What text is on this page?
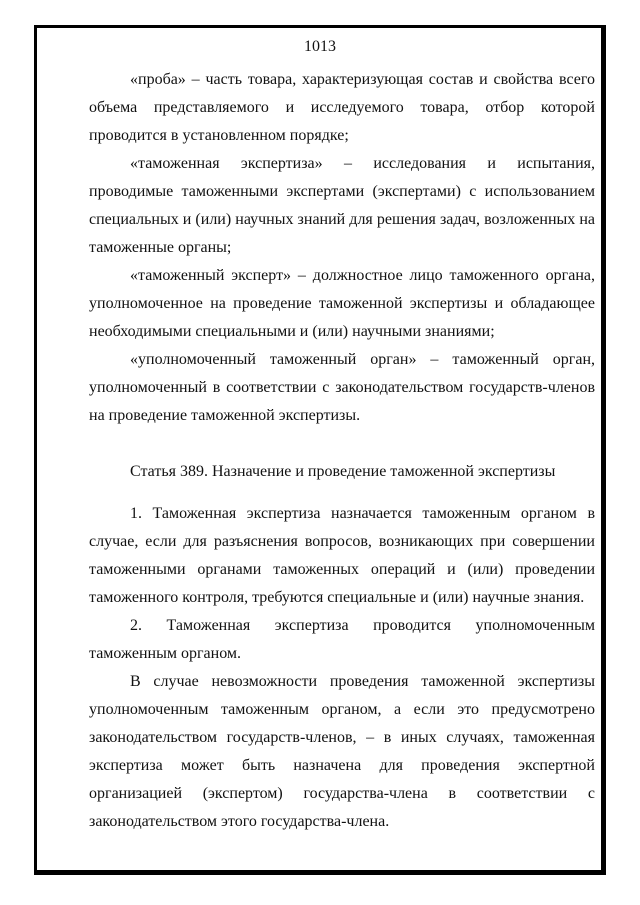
1013

«проба» – часть товара, характеризующая состав и свойства всего объема представляемого и исследуемого товара, отбор которой проводится в установленном порядке;

«таможенная экспертиза» – исследования и испытания, проводимые таможенными экспертами (экспертами) с использованием специальных и (или) научных знаний для решения задач, возложенных на таможенные органы;

«таможенный эксперт» – должностное лицо таможенного органа, уполномоченное на проведение таможенной экспертизы и обладающее необходимыми специальными и (или) научными знаниями;

«уполномоченный таможенный орган» – таможенный орган, уполномоченный в соответствии с законодательством государств-членов на проведение таможенной экспертизы.

Статья 389. Назначение и проведение таможенной экспертизы

1. Таможенная экспертиза назначается таможенным органом в случае, если для разъяснения вопросов, возникающих при совершении таможенными органами таможенных операций и (или) проведении таможенного контроля, требуются специальные и (или) научные знания.

2. Таможенная экспертиза проводится уполномоченным таможенным органом.

В случае невозможности проведения таможенной экспертизы уполномоченным таможенным органом, а если это предусмотрено законодательством государств-членов, – в иных случаях, таможенная экспертиза может быть назначена для проведения экспертной организацией (экспертом) государства-члена в соответствии с законодательством этого государства-члена.
